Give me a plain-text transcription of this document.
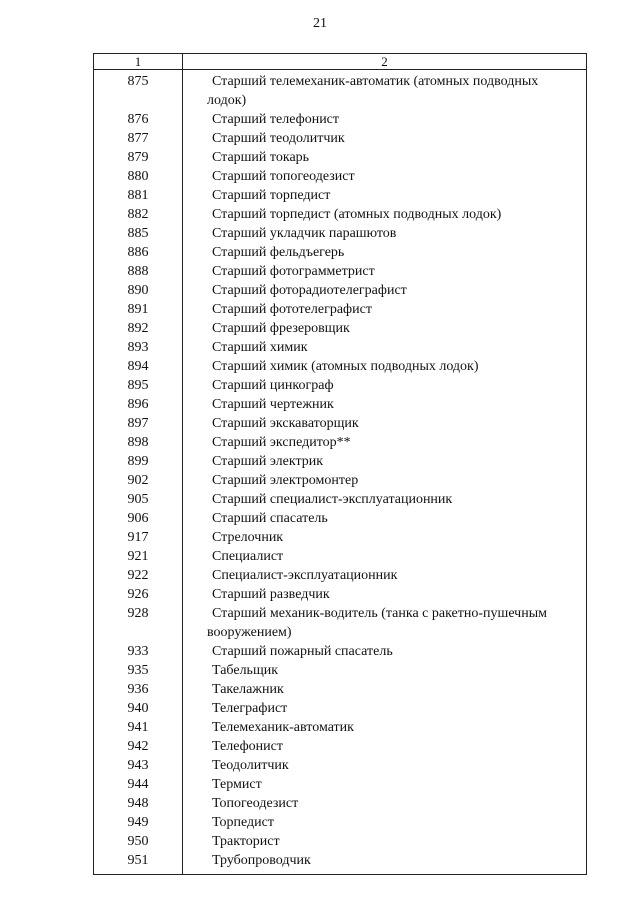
21
1	2
875	Старший телемеханик-автоматик (атомных подводных лодок)
876	Старший телефонист
877	Старший теодолитчик
879	Старший токарь
880	Старший топогеодезист
881	Старший торпедист
882	Старший торпедист (атомных подводных лодок)
885	Старший укладчик парашютов
886	Старший фельдъегерь
888	Старший фотограмметрист
890	Старший фоторадиотелеграфист
891	Старший фототелеграфист
892	Старший фрезеровщик
893	Старший химик
894	Старший химик (атомных подводных лодок)
895	Старший цинкограф
896	Старший чертежник
897	Старший экскаваторщик
898	Старший экспедитор**
899	Старший электрик
902	Старший электромонтер
905	Старший специалист-эксплуатационник
906	Старший спасатель
917	Стрелочник
921	Специалист
922	Специалист-эксплуатационник
926	Старший разведчик
928	Старший механик-водитель (танка с ракетно-пушечным вооружением)
933	Старший пожарный спасатель
935	Табельщик
936	Такелажник
940	Телеграфист
941	Телемеханик-автоматик
942	Телефонист
943	Теодолитчик
944	Термист
948	Топогеодезист
949	Торпедист
950	Тракторист
951	Трубопроводчик
